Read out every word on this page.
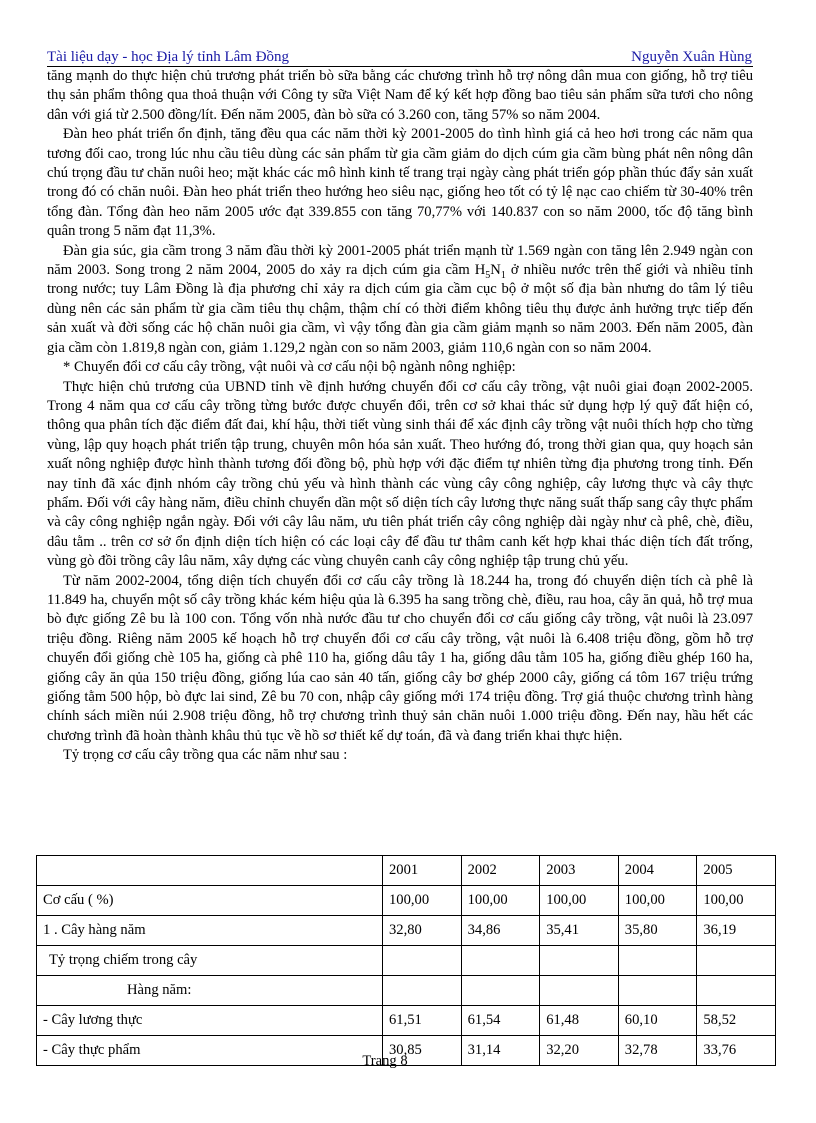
Tài liệu dạy - học Địa lý tỉnh Lâm Đồng	Nguyễn Xuân Hùng

tăng mạnh do thực hiện chủ trương phát triển bò sữa bằng các chương trình hỗ trợ nông dân mua con giống, hỗ trợ tiêu thụ sản phẩm thông qua thoả thuận với Công ty sữa Việt Nam để ký kết hợp đồng bao tiêu sản phẩm sữa tươi cho nông dân với giá từ 2.500 đồng/lít. Đến năm 2005, đàn bò sữa có 3.260 con, tăng 57% so năm 2004.

Đàn heo phát triển ổn định, tăng đều qua các năm thời kỳ 2001-2005 do tình hình giá cả heo hơi trong các năm qua tương đối cao, trong lúc nhu cầu tiêu dùng các sản phẩm từ gia cầm giảm do dịch cúm gia cầm bùng phát nên nông dân chú trọng đầu tư chăn nuôi heo; mặt khác các mô hình kinh tế trang trại ngày càng phát triển góp phần thúc đẩy sản xuất trong đó có chăn nuôi. Đàn heo phát triển theo hướng heo siêu nạc, giống heo tốt có tỷ lệ nạc cao chiếm từ 30-40% trên tổng đàn. Tổng đàn heo năm 2005 ước đạt 339.855 con tăng 70,77% với 140.837 con so năm 2000, tốc độ tăng bình quân trong 5 năm đạt 11,3%.

Đàn gia súc, gia cầm trong 3 năm đầu thời kỳ 2001-2005 phát triển mạnh từ 1.569 ngàn con tăng lên 2.949 ngàn con năm 2003. Song trong 2 năm 2004, 2005 do xảy ra dịch cúm gia cầm $H_5N_1$ ở nhiều nước trên thế giới và nhiều tỉnh trong nước; tuy Lâm Đồng là địa phương chỉ xảy ra dịch cúm gia cầm cục bộ ở một số địa bàn nhưng do tâm lý tiêu dùng nên các sản phẩm từ gia cầm tiêu thụ chậm, thậm chí có thời điểm không tiêu thụ được ảnh hưởng trực tiếp đến sản xuất và đời sống các hộ chăn nuôi gia cầm, vì vậy tổng đàn gia cầm giảm mạnh so năm 2003. Đến năm 2005, đàn gia cầm còn 1.819,8 ngàn con, giảm 1.129,2 ngàn con so năm 2003, giảm 110,6 ngàn con so năm 2004.

* Chuyển đổi cơ cấu cây trồng, vật nuôi và cơ cấu nội bộ ngành nông nghiệp:

Thực hiện chủ trương của UBND tỉnh về định hướng chuyển đổi cơ cấu cây trồng, vật nuôi giai đoạn 2002-2005. Trong 4 năm qua cơ cấu cây trồng từng bước được chuyển đổi, trên cơ sở khai thác sử dụng hợp lý quỹ đất hiện có, thông qua phân tích đặc điểm đất đai, khí hậu, thời tiết vùng sinh thái để xác định cây trồng vật nuôi thích hợp cho từng vùng, lập quy hoạch phát triển tập trung, chuyên môn hóa sản xuất. Theo hướng đó, trong thời gian qua, quy hoạch sản xuất nông nghiệp được hình thành tương đối đồng bộ, phù hợp với đặc điểm tự nhiên từng địa phương trong tỉnh. Đến nay tỉnh đã xác định nhóm cây trồng chủ yếu và hình thành các vùng cây công nghiệp, cây lương thực và cây thực phẩm. Đối với cây hàng năm, điều chỉnh chuyển dần một số diện tích cây lương thực năng suất thấp sang cây thực phẩm và cây công nghiệp ngắn ngày. Đối với cây lâu năm, ưu tiên phát triển cây công nghiệp dài ngày như cà phê, chè, điều, dâu tằm .. trên cơ sở ổn định diện tích hiện có các loại cây để đầu tư thâm canh kết hợp khai thác diện tích đất trống, vùng gò đồi trồng cây lâu năm, xây dựng các vùng chuyên canh cây công nghiệp tập trung chủ yếu.

Từ năm 2002-2004, tổng diện tích chuyển đổi cơ cấu cây trồng là 18.244 ha, trong đó chuyển diện tích cà phê là 11.849 ha, chuyển một số cây trồng khác kém hiệu qủa là 6.395 ha sang trồng chè, điều, rau hoa, cây ăn quả, hỗ trợ mua bò đực giống Zê bu là 100 con. Tổng vốn nhà nước đầu tư cho chuyển đổi cơ cấu giống cây trồng, vật nuôi là 23.097 triệu đồng. Riêng năm 2005 kế hoạch hỗ trợ chuyển đổi cơ cấu cây trồng, vật nuôi là 6.408 triệu đồng, gồm hỗ trợ chuyển đổi giống chè 105 ha, giống cà phê 110 ha, giống dâu tây 1 ha, giống dâu tằm 105 ha, giống điều ghép 160 ha, giống cây ăn qủa 150 triệu đồng, giống lúa cao sản 40 tấn, giống cây bơ ghép 2000 cây, giống cá tôm 167 triệu trứng giống tằm 500 hộp, bò đực lai sind, Zê bu 70 con, nhập cây giống mới 174 triệu đồng. Trợ giá thuộc chương trình hàng chính sách miền núi 2.908 triệu đồng, hỗ trợ chương trình thuỷ sản chăn nuôi 1.000 triệu đồng. Đến nay, hầu hết các chương trình đã hoàn thành khâu thủ tục về hồ sơ thiết kế dự toán, đã và đang triển khai thực hiện.

Tỷ trọng cơ cấu cây trồng qua các năm như sau :

	2001	2002	2003	2004	2005
Cơ cấu ( %)	100,00	100,00	100,00	100,00	100,00
1 . Cây hàng năm	32,80	34,86	35,41	35,80	36,19
Tỷ trọng chiếm trong cây					
Hàng năm:					
- Cây lương thực	61,51	61,54	61,48	60,10	58,52
- Cây thực phẩm	30,85	31,14	32,20	32,78	33,76
Trang 8
